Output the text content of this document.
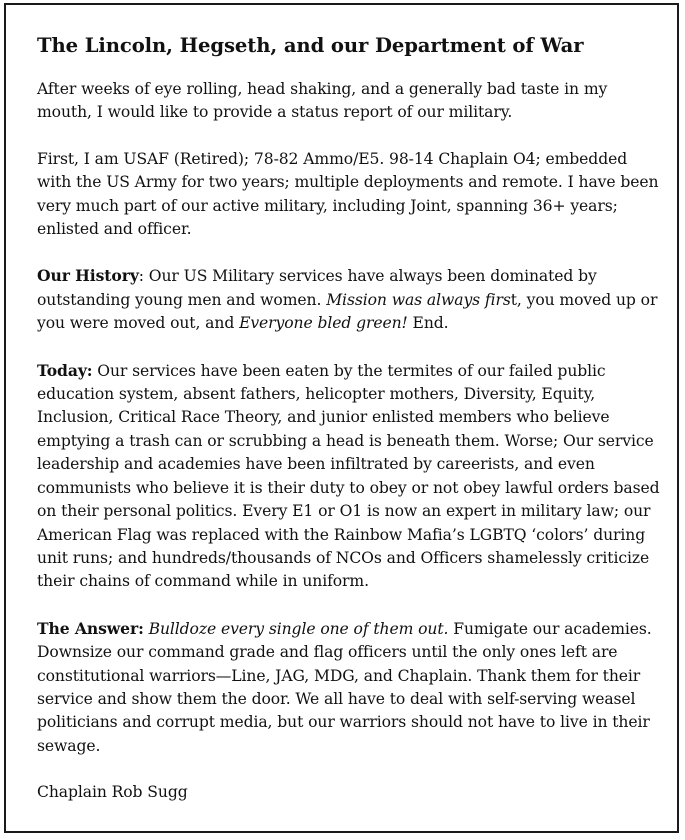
The Lincoln, Hegseth, and our Department of War

After weeks of eye rolling, head shaking, and a generally bad taste in my mouth, I would like to provide a status report of our military.

First, I am USAF (Retired); 78-82 Ammo/E5. 98-14 Chaplain O4; embedded with the US Army for two years; multiple deployments and remote. I have been very much part of our active military, including Joint, spanning 36+ years; enlisted and officer.

Our History: Our US Military services have always been dominated by outstanding young men and women. Mission was always first, you moved up or you were moved out, and Everyone bled green! End.

Today: Our services have been eaten by the termites of our failed public education system, absent fathers, helicopter mothers, Diversity, Equity, Inclusion, Critical Race Theory, and junior enlisted members who believe emptying a trash can or scrubbing a head is beneath them. Worse; Our service leadership and academies have been infiltrated by careerists, and even communists who believe it is their duty to obey or not obey lawful orders based on their personal politics. Every E1 or O1 is now an expert in military law; our American Flag was replaced with the Rainbow Mafia’s LGBTQ ‘colors’ during unit runs; and hundreds/thousands of NCOs and Officers shamelessly criticize their chains of command while in uniform.

The Answer: Bulldoze every single one of them out. Fumigate our academies. Downsize our command grade and flag officers until the only ones left are constitutional warriors—Line, JAG, MDG, and Chaplain. Thank them for their service and show them the door. We all have to deal with self-serving weasel politicians and corrupt media, but our warriors should not have to live in their sewage.

Chaplain Rob Sugg
